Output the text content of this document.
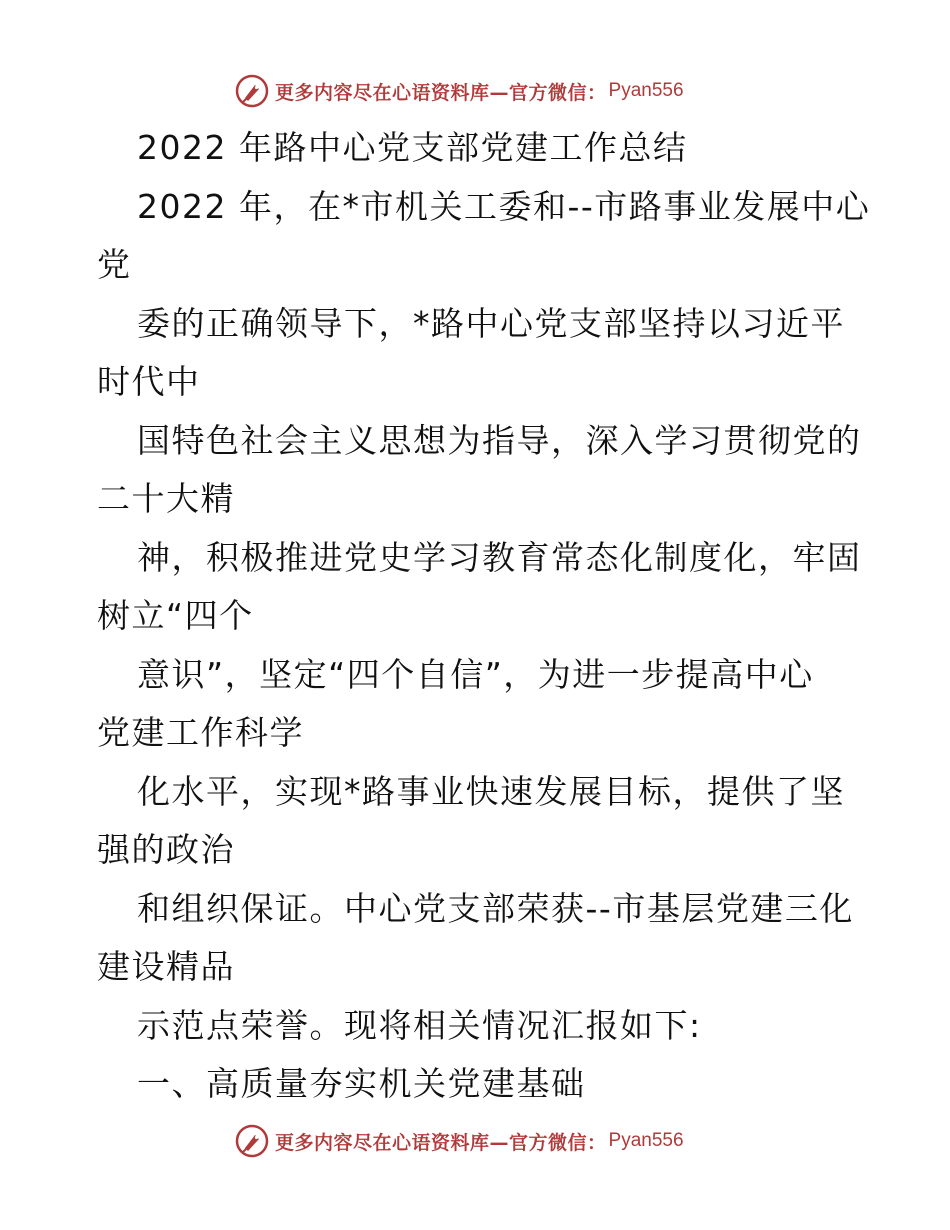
更多内容尽在心语资料库—官方微信： Pyan556
2022 年路中心党支部党建工作总结
2022 年，在*市机关工委和--市路事业发展中心
党
委的正确领导下，*路中心党支部坚持以习近平
时代中
国特色社会主义思想为指导，深入学习贯彻党的
二十大精
神，积极推进党史学习教育常态化制度化，牢固
树立“四个
意识”，坚定“四个自信”，为进一步提高中心
党建工作科学
化水平，实现*路事业快速发展目标，提供了坚
强的政治
和组织保证。中心党支部荣获--市基层党建三化
建设精品
示范点荣誉。现将相关情况汇报如下:
一、高质量夯实机关党建基础
更多内容尽在心语资料库—官方微信： Pyan556
